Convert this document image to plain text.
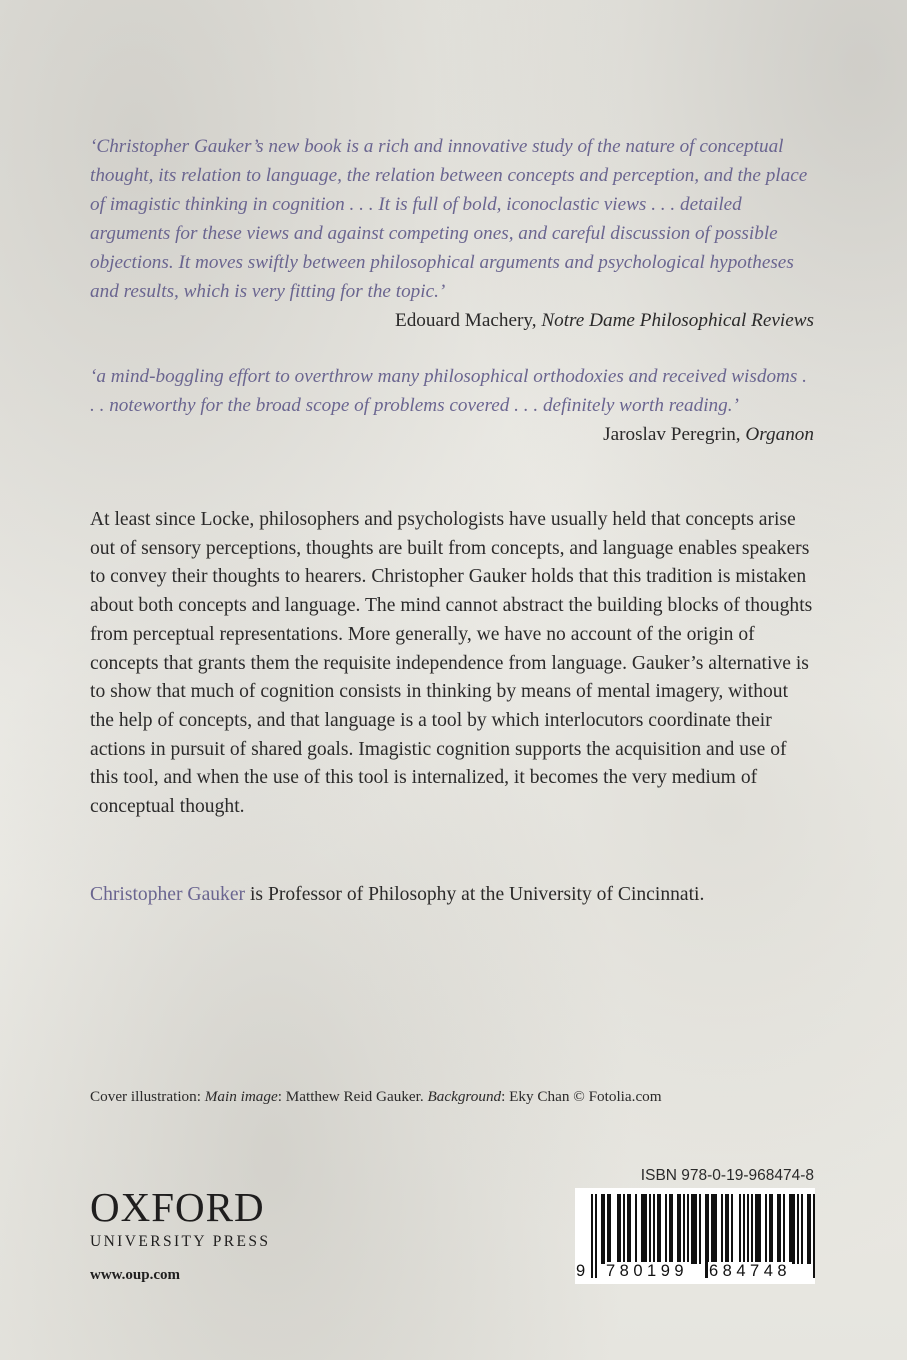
‘Christopher Gauker’s new book is a rich and innovative study of the nature of conceptual thought, its relation to language, the relation between concepts and perception, and the place of imagistic thinking in cognition . . . It is full of bold, iconoclastic views . . . detailed arguments for these views and against competing ones, and careful discussion of possible objections. It moves swiftly between philosophical arguments and psychological hypotheses and results, which is very fitting for the topic.’

Edouard Machery, Notre Dame Philosophical Reviews

‘a mind-boggling effort to overthrow many philosophical orthodoxies and received wisdoms . . . noteworthy for the broad scope of problems covered . . . definitely worth reading.’

Jaroslav Peregrin, Organon

At least since Locke, philosophers and psychologists have usually held that concepts arise out of sensory perceptions, thoughts are built from concepts, and language enables speakers to convey their thoughts to hearers. Christopher Gauker holds that this tradition is mistaken about both concepts and language. The mind cannot abstract the building blocks of thoughts from perceptual representations. More generally, we have no account of the origin of concepts that grants them the requisite independence from language. Gauker’s alternative is to show that much of cognition consists in thinking by means of mental imagery, without the help of concepts, and that language is a tool by which interlocutors coordinate their actions in pursuit of shared goals. Imagistic cognition supports the acquisition and use of this tool, and when the use of this tool is internalized, it becomes the very medium of conceptual thought.

Christopher Gauker is Professor of Philosophy at the University of Cincinnati.

Cover illustration: Main image: Matthew Reid Gauker. Background: Eky Chan © Fotolia.com

OXFORD
UNIVERSITY PRESS
www.oup.com
ISBN 978-0-19-968474-8
9 780199 684748
